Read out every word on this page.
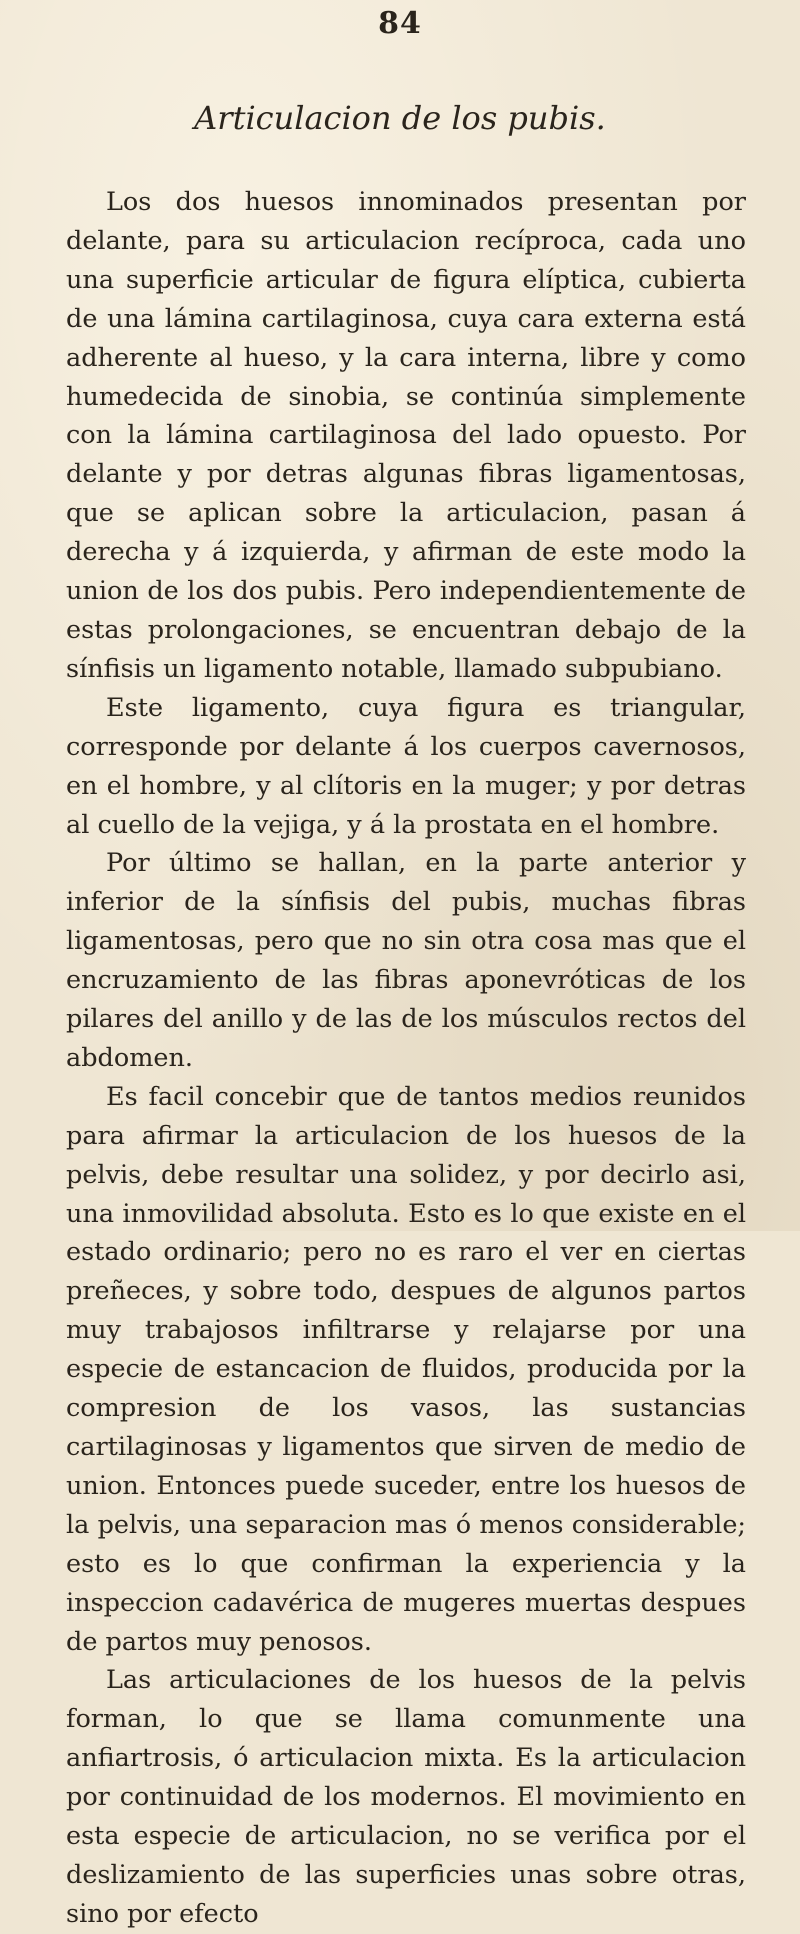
84
Articulacion de los pubis.

Los dos huesos innominados presentan por delante, para su articulacion recíproca, cada uno una superficie articular de figura elíptica, cubierta de una lámina cartilaginosa, cuya cara externa está adherente al hueso, y la cara interna, libre y como humedecida de sinobia, se continúa simplemente con la lámina cartilaginosa del lado opuesto. Por delante y por detras algunas fibras ligamentosas, que se aplican sobre la articulacion, pasan á derecha y á izquierda, y afirman de este modo la union de los dos pubis. Pero independientemente de estas prolongaciones, se encuentran debajo de la sínfisis un ligamento notable, llamado subpubiano.

Este ligamento, cuya figura es triangular, corresponde por delante á los cuerpos cavernosos, en el hombre, y al clítoris en la muger; y por detras al cuello de la vejiga, y á la prostata en el hombre.

Por último se hallan, en la parte anterior y inferior de la sínfisis del pubis, muchas fibras ligamentosas, pero que no sin otra cosa mas que el encruzamiento de las fibras aponevróticas de los pilares del anillo y de las de los músculos rectos del abdomen.

Es facil concebir que de tantos medios reunidos para afirmar la articulacion de los huesos de la pelvis, debe resultar una solidez, y por decirlo asi, una inmovilidad absoluta. Esto es lo que existe en el estado ordinario; pero no es raro el ver en ciertas preñeces, y sobre todo, despues de algunos partos muy trabajosos infiltrarse y relajarse por una especie de estancacion de fluidos, producida por la compresion de los vasos, las sustancias cartilaginosas y ligamentos que sirven de medio de union. Entonces puede suceder, entre los huesos de la pelvis, una separacion mas ó menos considerable; esto es lo que confirman la experiencia y la inspeccion cadavérica de mugeres muertas despues de partos muy penosos.

Las articulaciones de los huesos de la pelvis forman, lo que se llama comunmente una anfiartrosis, ó articulacion mixta. Es la articulacion por continuidad de los modernos. El movimiento en esta especie de articulacion, no se verifica por el deslizamiento de las superficies unas sobre otras, sino por efecto
